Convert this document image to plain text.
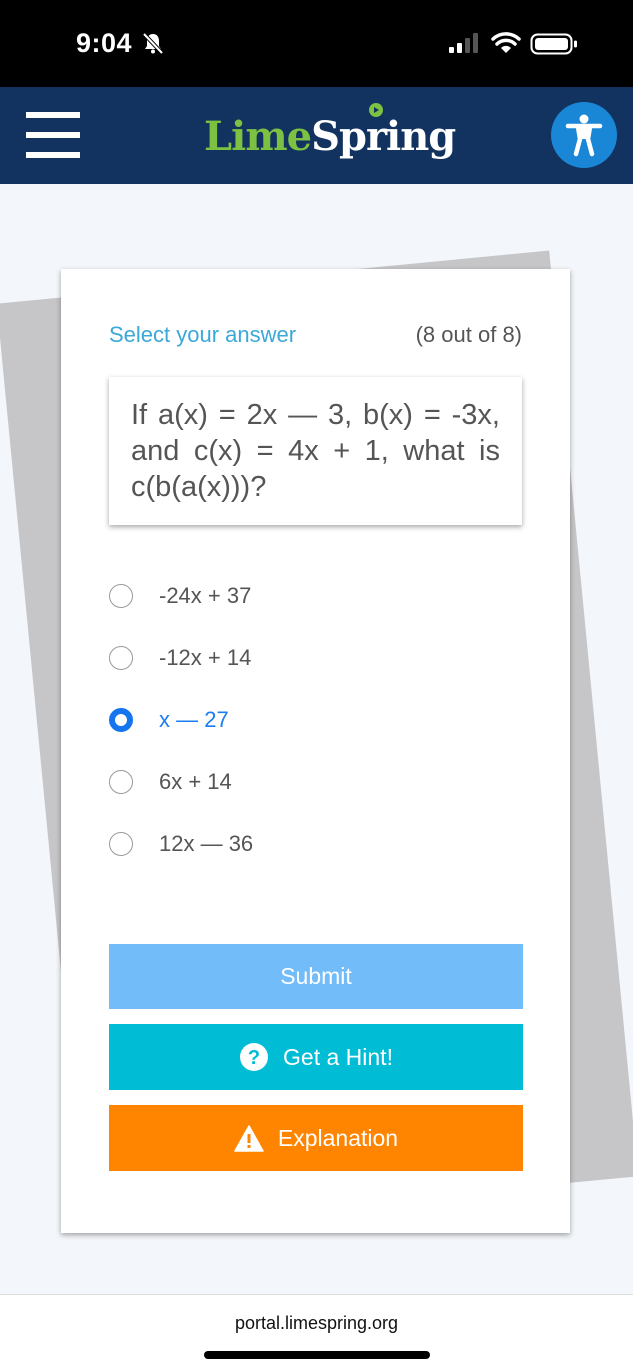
9:04
LimeSpring
Select your answer	(8 out of 8)
If a(x) = 2x — 3, b(x) = -3x, and c(x) = 4x + 1, what is c(b(a(x)))?
-24x + 37
-12x + 14
x — 27
6x + 14
12x — 36
Submit
? Get a Hint!
Explanation
portal.limespring.org
